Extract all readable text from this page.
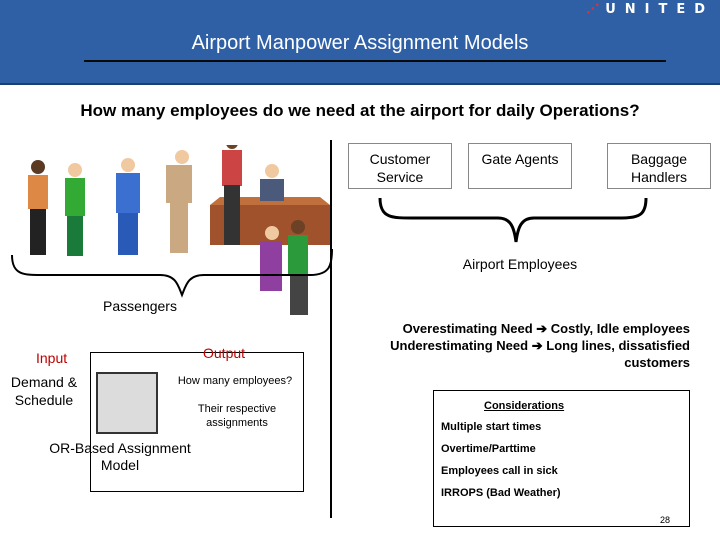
⋰ UNITED
Airport Manpower Assignment Models
How many employees do we need at the airport for daily Operations?
Passengers
Customer Service
Gate Agents	Baggage Handlers
Airport Employees
Overestimating Need ➔ Costly, Idle employees
Underestimating Need ➔ Long lines, dissatisfied customers
Input
Demand & Schedule
Output
How many employees?
Their respective assignments
OR-Based Assignment Model
Considerations
Multiple start times
Overtime/Parttime
Employees call in sick
IRROPS (Bad Weather)
28
